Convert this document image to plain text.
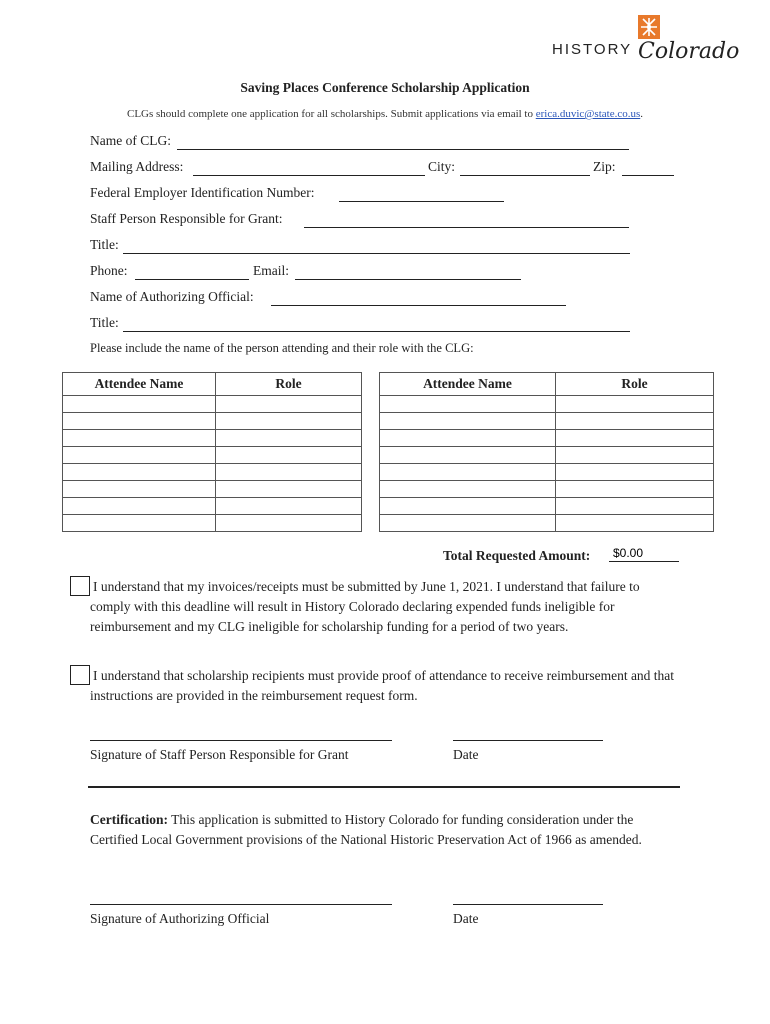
HISTORY Colorado
Saving Places Conference Scholarship Application
CLGs should complete one application for all scholarships. Submit applications via email to erica.duvic@state.co.us.
Name of CLG:
Mailing Address:	City:	Zip:
Federal Employer Identification Number:
Staff Person Responsible for Grant:
Title:
Phone:	Email:
Name of Authorizing Official:
Title:
Please include the name of the person attending and their role with the CLG:
Attendee Name	Role

		Attendee Name	Role

Total Requested Amount:
$0.00
I understand that my invoices/receipts must be submitted by June 1, 2021. I understand that failure to comply with this deadline will result in History Colorado declaring expended funds ineligible for reimbursement and my CLG ineligible for scholarship funding for a period of two years.
I understand that scholarship recipients must provide proof of attendance to receive reimbursement and that instructions are provided in the reimbursement request form.
Signature of Staff Person Responsible for Grant	Date
Certification: This application is submitted to History Colorado for funding consideration under the Certified Local Government provisions of the National Historic Preservation Act of 1966 as amended.
Signature of Authorizing Official	Date
